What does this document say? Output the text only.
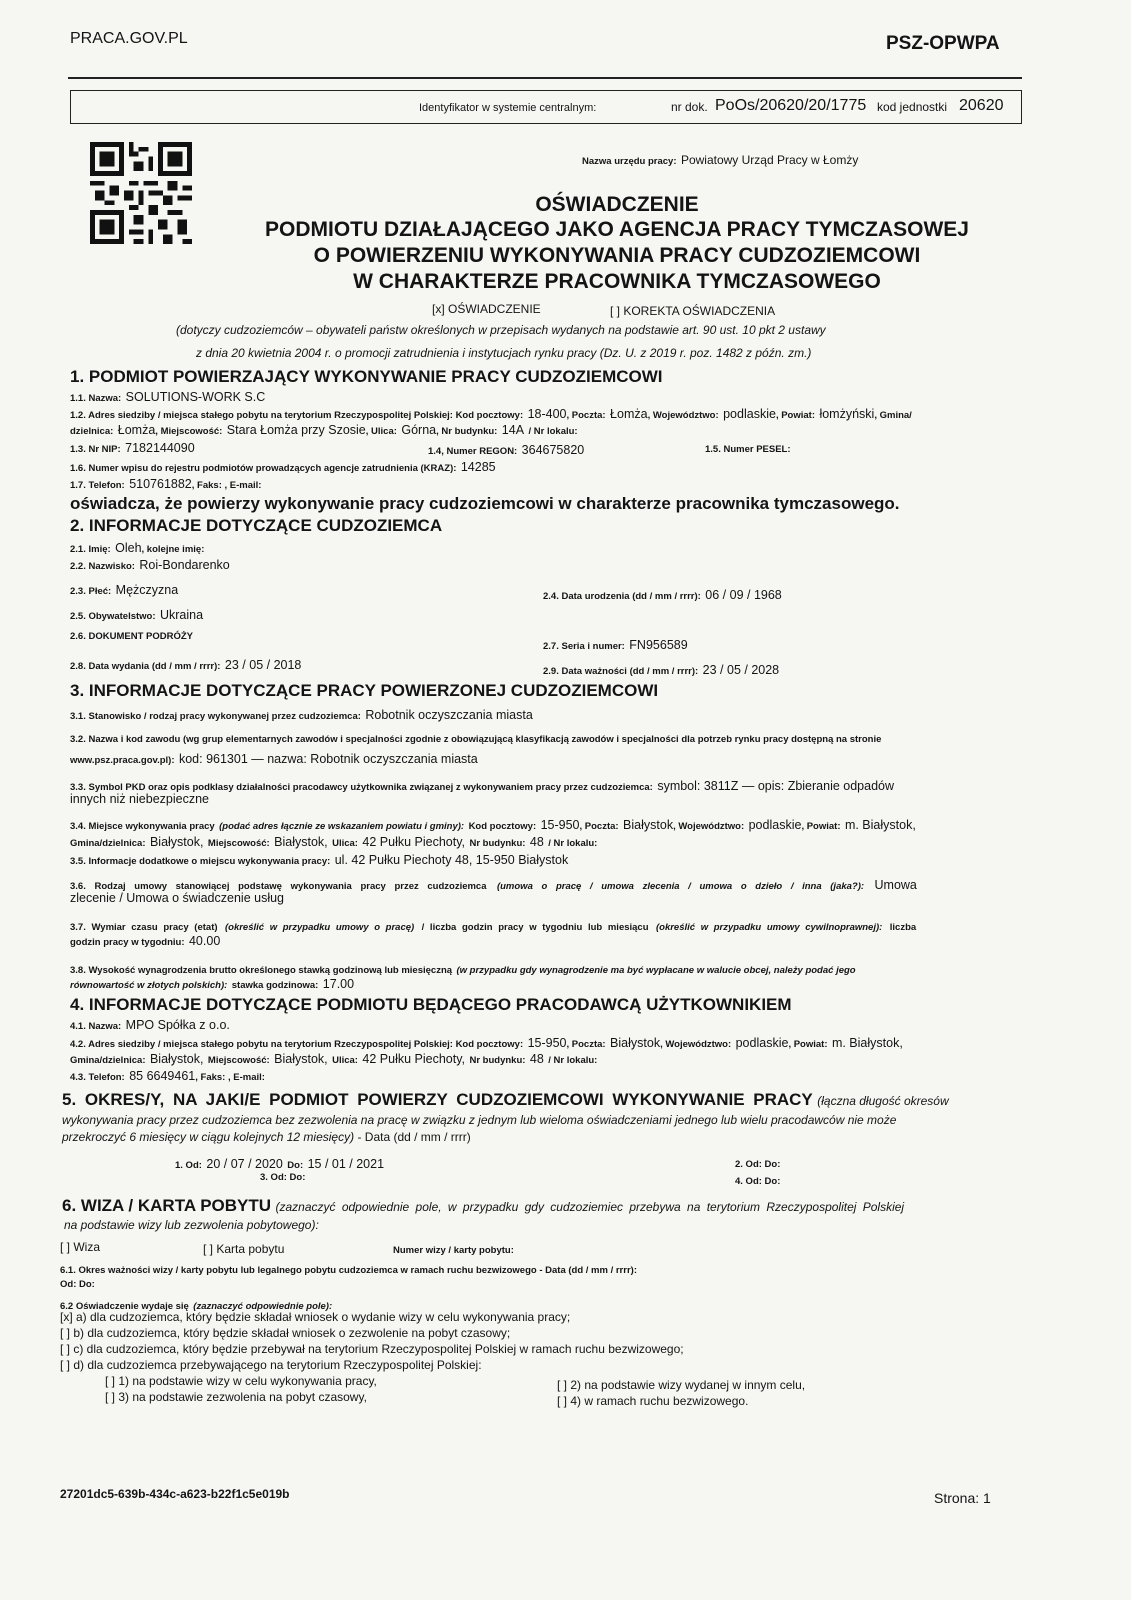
PRACA.GOV.PL	PSZ-OPWPA
Identyfikator w systemie centralnym:	nr dok. PoOs/20620/20/1775 kod jednostki 20620
Nazwa urzędu pracy: Powiatowy Urząd Pracy w Łomży
OŚWIADCZENIE
PODMIOTU DZIAŁAJĄCEGO JAKO AGENCJA PRACY TYMCZASOWEJ
O POWIERZENIU WYKONYWANIA PRACY CUDZOZIEMCOWI
W CHARAKTERZE PRACOWNIKA TYMCZASOWEGO
[x] OŚWIADCZENIE	[ ] KOREKTA OŚWIADCZENIA
(dotyczy cudzoziemców – obywateli państw określonych w przepisach wydanych na podstawie art. 90 ust. 10 pkt 2 ustawy
z dnia 20 kwietnia 2004 r. o promocji zatrudnienia i instytucjach rynku pracy (Dz. U. z 2019 r. poz. 1482 z późn. zm.)
1. PODMIOT POWIERZAJĄCY WYKONYWANIE PRACY CUDZOZIEMCOWI
1.1. Nazwa: SOLUTIONS-WORK S.C
1.2. Adres siedziby / miejsca stałego pobytu na terytorium Rzeczypospolitej Polskiej: Kod pocztowy: 18-400, Poczta: Łomża, Województwo: podlaskie, Powiat: łomżyński, Gmina/
dzielnica: Łomża, Miejscowość: Stara Łomża przy Szosie, Ulica: Górna, Nr budynku: 14A / Nr lokalu:
1.3. Nr NIP: 7182144090	1.4, Numer REGON: 364675820	1.5. Numer PESEL:
1.6. Numer wpisu do rejestru podmiotów prowadzących agencje zatrudnienia (KRAZ): 14285
1.7. Telefon: 510761882, Faks: , E-mail:
oświadcza, że powierzy wykonywanie pracy cudzoziemcowi w charakterze pracownika tymczasowego.
2. INFORMACJE DOTYCZĄCE CUDZOZIEMCA
2.1. Imię: Oleh, kolejne imię:
2.2. Nazwisko: Roi-Bondarenko
2.3. Płeć: Mężczyzna	2.4. Data urodzenia (dd / mm / rrrr): 06 / 09 / 1968
2.5. Obywatelstwo: Ukraina
2.6. DOKUMENT PODRÓŻY
2.7. Seria i numer: FN956589
2.8. Data wydania (dd / mm / rrrr): 23 / 05 / 2018	2.9. Data ważności (dd / mm / rrrr): 23 / 05 / 2028
3. INFORMACJE DOTYCZĄCE PRACY POWIERZONEJ CUDZOZIEMCOWI
3.1. Stanowisko / rodzaj pracy wykonywanej przez cudzoziemca: Robotnik oczyszczania miasta
3.2. Nazwa i kod zawodu (wg grup elementarnych zawodów i specjalności zgodnie z obowiązującą klasyfikacją zawodów i specjalności dla potrzeb rynku pracy dostępną na stronie
www.psz.praca.gov.pl): kod: 961301 — nazwa: Robotnik oczyszczania miasta
3.3. Symbol PKD oraz opis podklasy działalności pracodawcy użytkownika związanej z wykonywaniem pracy przez cudzoziemca: symbol: 3811Z — opis: Zbieranie odpadów
innych niż niebezpieczne
3.4. Miejsce wykonywania pracy (podać adres łącznie ze wskazaniem powiatu i gminy): Kod pocztowy: 15-950, Poczta: Białystok, Województwo: podlaskie, Powiat: m. Białystok,
Gmina/dzielnica: Białystok, Miejscowość: Białystok, Ulica: 42 Pułku Piechoty, Nr budynku: 48 / Nr lokalu:
3.5. Informacje dodatkowe o miejscu wykonywania pracy: ul. 42 Pułku Piechoty 48, 15-950 Białystok
3.6. Rodzaj umowy stanowiącej podstawę wykonywania pracy przez cudzoziemca (umowa o pracę / umowa zlecenia / umowa o dzieło / inna (jaka?): Umowa
zlecenie / Umowa o świadczenie usług
3.7. Wymiar czasu pracy (etat) (określić w przypadku umowy o pracę) / liczba godzin pracy w tygodniu lub miesiącu (określić w przypadku umowy cywilnoprawnej): liczba
godzin pracy w tygodniu: 40.00
3.8. Wysokość wynagrodzenia brutto określonego stawką godzinową lub miesięczną (w przypadku gdy wynagrodzenie ma być wypłacane w walucie obcej, należy podać jego
równowartość w złotych polskich): stawka godzinowa: 17.00
4. INFORMACJE DOTYCZĄCE PODMIOTU BĘDĄCEGO PRACODAWCĄ UŻYTKOWNIKIEM
4.1. Nazwa: MPO Spółka z o.o.
4.2. Adres siedziby / miejsca stałego pobytu na terytorium Rzeczypospolitej Polskiej: Kod pocztowy: 15-950, Poczta: Białystok, Województwo: podlaskie, Powiat: m. Białystok,
Gmina/dzielnica: Białystok, Miejscowość: Białystok, Ulica: 42 Pułku Piechoty, Nr budynku: 48 / Nr lokalu:
4.3. Telefon: 85 6649461, Faks: , E-mail:
5. OKRES/Y, NA JAKI/E PODMIOT POWIERZY CUDZOZIEMCOWI WYKONYWANIE PRACY (łączna długość okresów
wykonywania pracy przez cudzoziemca bez zezwolenia na pracę w związku z jednym lub wieloma oświadczeniami jednego lub wielu pracodawców nie może
przekroczyć 6 miesięcy w ciągu kolejnych 12 miesięcy) - Data (dd / mm / rrrr)
1. Od: 20 / 07 / 2020 Do: 15 / 01 / 2021	2. Od: Do:
3. Od: Do:	4. Od: Do:
6. WIZA / KARTA POBYTU (zaznaczyć odpowiednie pole, w przypadku gdy cudzoziemiec przebywa na terytorium Rzeczypospolitej Polskiej
na podstawie wizy lub zezwolenia pobytowego):
[ ] Wiza	[ ] Karta pobytu	Numer wizy / karty pobytu:
6.1. Okres ważności wizy / karty pobytu lub legalnego pobytu cudzoziemca w ramach ruchu bezwizowego - Data (dd / mm / rrrr):
Od: Do:
6.2 Oświadczenie wydaje się (zaznaczyć odpowiednie pole):
[x] a) dla cudzoziemca, który będzie składał wniosek o wydanie wizy w celu wykonywania pracy;
[ ] b) dla cudzoziemca, który będzie składał wniosek o zezwolenie na pobyt czasowy;
[ ] c) dla cudzoziemca, który będzie przebywał na terytorium Rzeczypospolitej Polskiej w ramach ruchu bezwizowego;
[ ] d) dla cudzoziemca przebywającego na terytorium Rzeczypospolitej Polskiej:
[ ] 1) na podstawie wizy w celu wykonywania pracy,	[ ] 2) na podstawie wizy wydanej w innym celu,
[ ] 3) na podstawie zezwolenia na pobyt czasowy,	[ ] 4) w ramach ruchu bezwizowego.
27201dc5-639b-434c-a623-b22f1c5e019b	Strona: 1
